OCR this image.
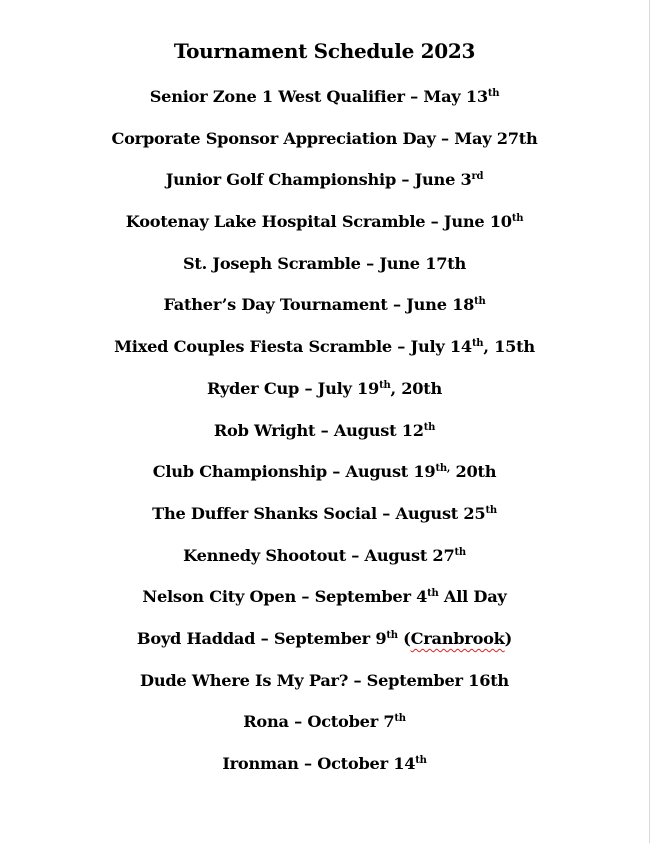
Tournament Schedule 2023
Senior Zone 1 West Qualifier – May 13th
Corporate Sponsor Appreciation Day – May 27th
Junior Golf Championship – June 3rd
Kootenay Lake Hospital Scramble – June 10th
St. Joseph Scramble – June 17th
Father’s Day Tournament – June 18th
Mixed Couples Fiesta Scramble – July 14th, 15th
Ryder Cup – July 19th, 20th
Rob Wright – August 12th
Club Championship – August $19^{th,}$ 20th
The Duffer Shanks Social – August 25th
Kennedy Shootout – August 27th
Nelson City Open – September 4th All Day
Boyd Haddad – September 9th (Cranbrook)
Dude Where Is My Par? – September 16th
Rona – October 7th
Ironman – October 14th
